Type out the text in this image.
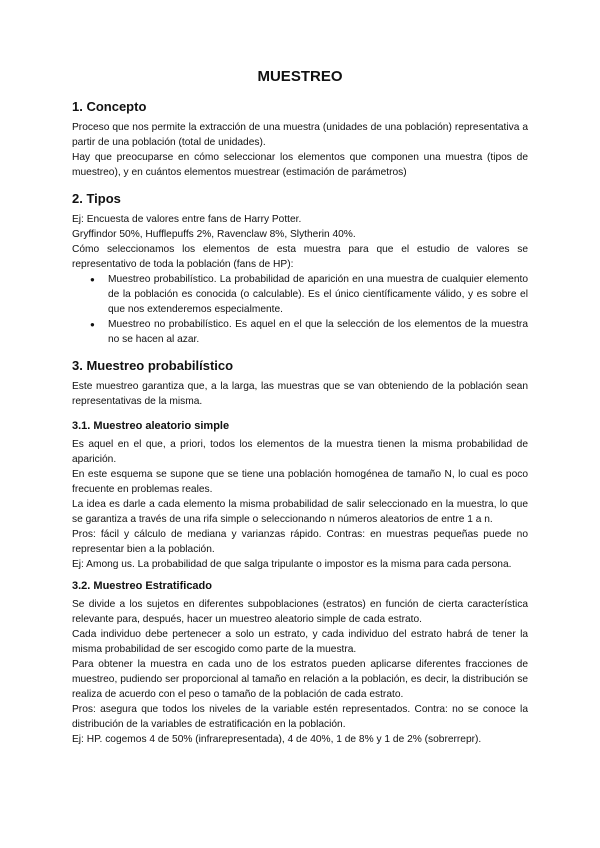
MUESTREO
1. Concepto

Proceso que nos permite la extracción de una muestra (unidades de una población) representativa a partir de una población (total de unidades).

Hay que preocuparse en cómo seleccionar los elementos que componen una muestra (tipos de muestreo), y en cuántos elementos muestrear (estimación de parámetros)

2. Tipos

Ej: Encuesta de valores entre fans de Harry Potter.

Gryffindor 50%, Hufflepuffs 2%, Ravenclaw 8%, Slytherin 40%.

Cómo seleccionamos los elementos de esta muestra para que el estudio de valores se representativo de toda la población (fans de HP):

● Muestreo probabilístico. La probabilidad de aparición en una muestra de cualquier elemento de la población es conocida (o calculable). Es el único científicamente válido, y es sobre el que nos extenderemos especialmente.
● Muestreo no probabilístico. Es aquel en el que la selección de los elementos de la muestra no se hacen al azar.
3. Muestreo probabilístico

Este muestreo garantiza que, a la larga, las muestras que se van obteniendo de la población sean representativas de la misma.

3.1. Muestreo aleatorio simple

Es aquel en el que, a priori, todos los elementos de la muestra tienen la misma probabilidad de aparición.

En este esquema se supone que se tiene una población homogénea de tamaño N, lo cual es poco frecuente en problemas reales.

La idea es darle a cada elemento la misma probabilidad de salir seleccionado en la muestra, lo que se garantiza a través de una rifa simple o seleccionando n números aleatorios de entre 1 a n.

Pros: fácil y cálculo de mediana y varianzas rápido. Contras: en muestras pequeñas puede no representar bien a la población.

Ej: Among us. La probabilidad de que salga tripulante o impostor es la misma para cada persona.

3.2. Muestreo Estratificado

Se divide a los sujetos en diferentes subpoblaciones (estratos) en función de cierta característica relevante para, después, hacer un muestreo aleatorio simple de cada estrato.

Cada individuo debe pertenecer a solo un estrato, y cada individuo del estrato habrá de tener la misma probabilidad de ser escogido como parte de la muestra.

Para obtener la muestra en cada uno de los estratos pueden aplicarse diferentes fracciones de muestreo, pudiendo ser proporcional al tamaño en relación a la población, es decir, la distribución se realiza de acuerdo con el peso o tamaño de la población de cada estrato.

Pros: asegura que todos los niveles de la variable estén representados. Contra: no se conoce la distribución de la variables de estratificación en la población.

Ej: HP. cogemos 4 de 50% (infrarepresentada), 4 de 40%, 1 de 8% y 1 de 2% (sobrerrepr).
